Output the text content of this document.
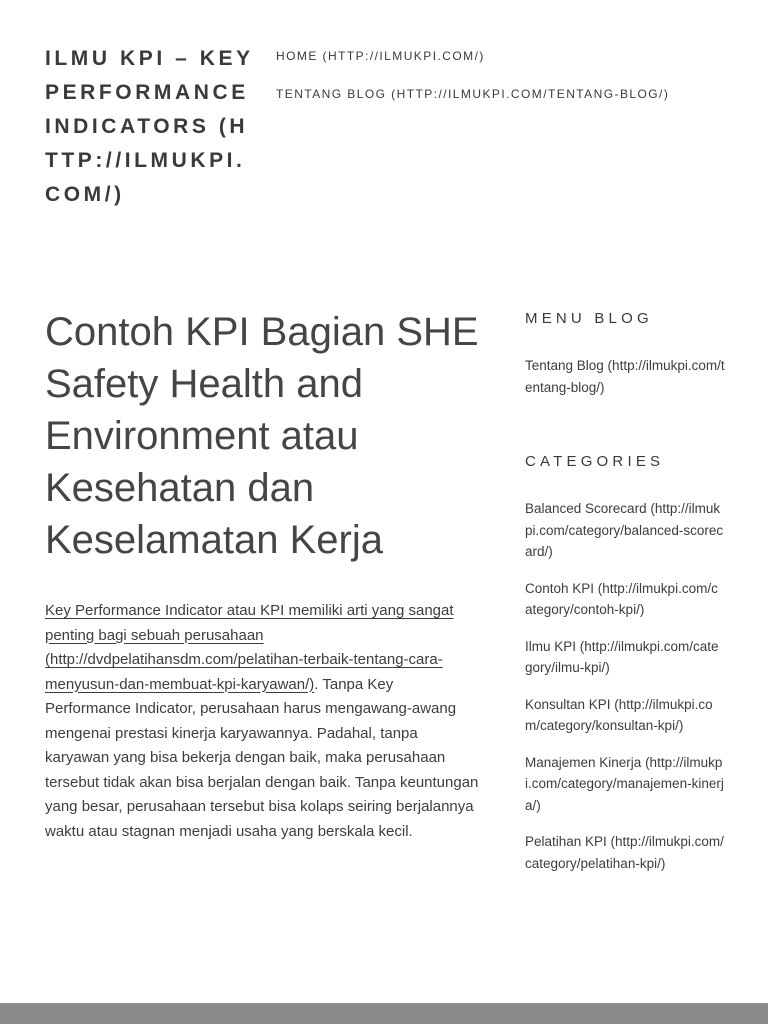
ILMU KPI – KEY PERFORMANCE INDICATORS (HTTP://ILMUKPI.COM/)
HOME (HTTP://ILMUKPI.COM/)
TENTANG BLOG (HTTP://ILMUKPI.COM/TENTANG-BLOG/)
Contoh KPI Bagian SHE Safety Health and Environment atau Kesehatan dan Keselamatan Kerja

Key Performance Indicator atau KPI memiliki arti yang sangat penting bagi sebuah perusahaan (http://dvdpelatihansdm.com/pelatihan-terbaik-tentang-cara-menyusun-dan-membuat-kpi-karyawan/). Tanpa Key Performance Indicator, perusahaan harus mengawang-awang mengenai prestasi kinerja karyawannya. Padahal, tanpa karyawan yang bisa bekerja dengan baik, maka perusahaan tersebut tidak akan bisa berjalan dengan baik. Tanpa keuntungan yang besar, perusahaan tersebut bisa kolaps seiring berjalannya waktu atau stagnan menjadi usaha yang berskala kecil.

MENU BLOG
Tentang Blog (http://ilmukpi.com/tentang-blog/)
CATEGORIES
Balanced Scorecard (http://ilmukpi.com/category/balanced-scorecard/)
Contoh KPI (http://ilmukpi.com/category/contoh-kpi/)
Ilmu KPI (http://ilmukpi.com/category/ilmu-kpi/)
Konsultan KPI (http://ilmukpi.com/category/konsultan-kpi/)
Manajemen Kinerja (http://ilmukpi.com/category/manajemen-kinerja/)
Pelatihan KPI (http://ilmukpi.com/category/pelatihan-kpi/)
